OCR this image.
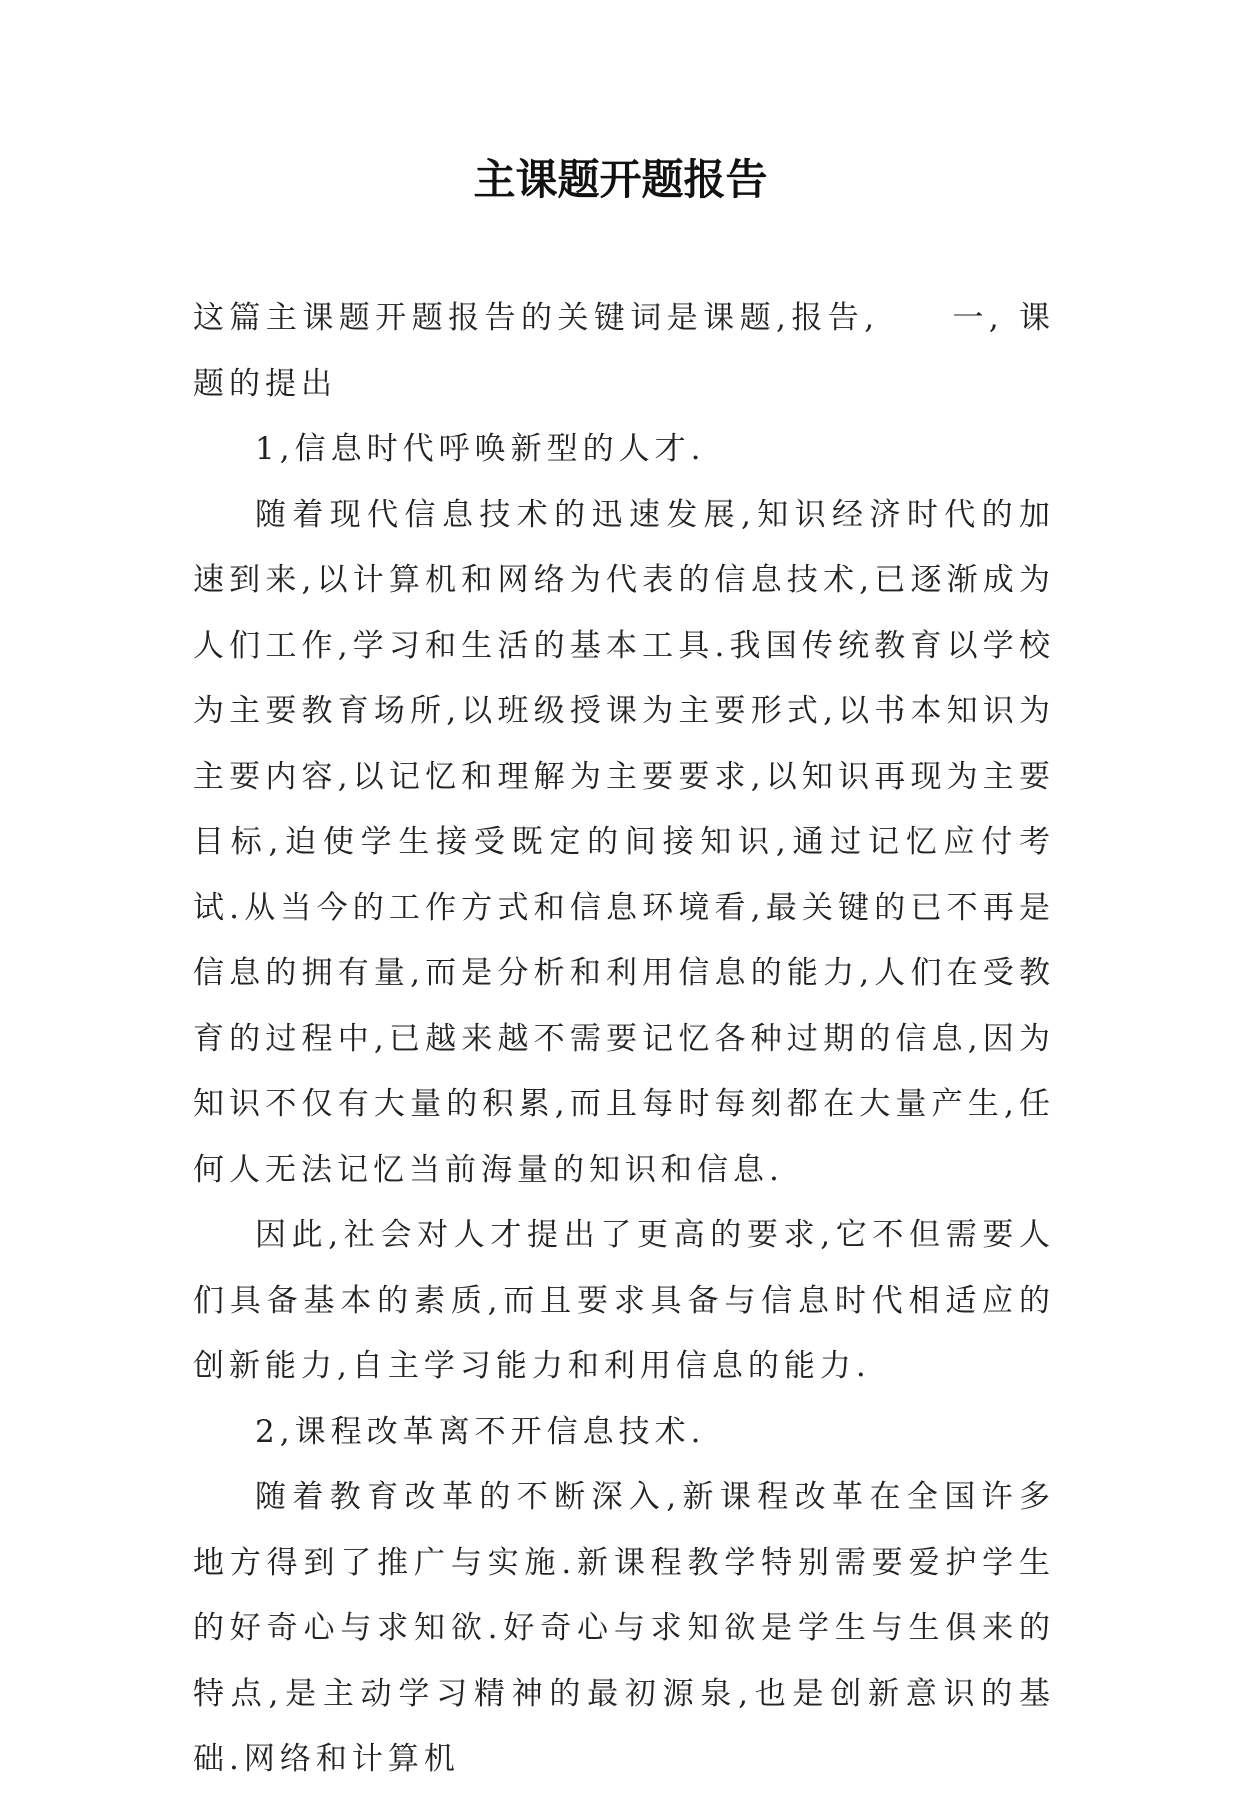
主课题开题报告

这篇主课题开题报告的关键词是课题,报告,　　一, 课题的提出

1,信息时代呼唤新型的人才.

随着现代信息技术的迅速发展,知识经济时代的加速到来,以计算机和网络为代表的信息技术,已逐渐成为人们工作,学习和生活的基本工具.我国传统教育以学校为主要教育场所,以班级授课为主要形式,以书本知识为主要内容,以记忆和理解为主要要求,以知识再现为主要目标,迫使学生接受既定的间接知识,通过记忆应付考试.从当今的工作方式和信息环境看,最关键的已不再是信息的拥有量,而是分析和利用信息的能力,人们在受教育的过程中,已越来越不需要记忆各种过期的信息,因为知识不仅有大量的积累,而且每时每刻都在大量产生,任何人无法记忆当前海量的知识和信息.

因此,社会对人才提出了更高的要求,它不但需要人们具备基本的素质,而且要求具备与信息时代相适应的创新能力,自主学习能力和利用信息的能力.

2,课程改革离不开信息技术.

随着教育改革的不断深入,新课程改革在全国许多地方得到了推广与实施.新课程教学特别需要爱护学生的好奇心与求知欲.好奇心与求知欲是学生与生俱来的特点,是主动学习精神的最初源泉,也是创新意识的基础.网络和计算机
